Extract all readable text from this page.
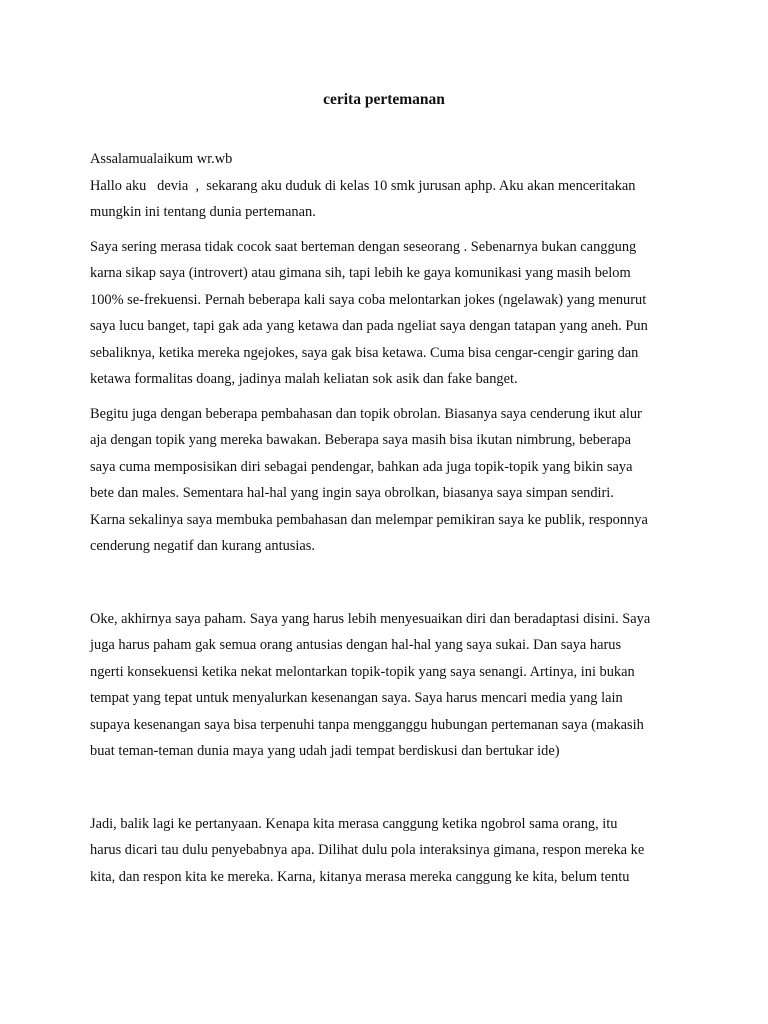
cerita pertemanan

Assalamualaikum wr.wb

Hallo aku   devia  ,  sekarang aku duduk di kelas 10 smk jurusan aphp. Aku akan menceritakan
mungkin ini tentang dunia pertemanan.

Saya sering merasa tidak cocok saat berteman dengan seseorang . Sebenarnya bukan canggung
karna sikap saya (introvert) atau gimana sih, tapi lebih ke gaya komunikasi yang masih belom
100% se-frekuensi. Pernah beberapa kali saya coba melontarkan jokes (ngelawak) yang menurut
saya lucu banget, tapi gak ada yang ketawa dan pada ngeliat saya dengan tatapan yang aneh. Pun
sebaliknya, ketika mereka ngejokes, saya gak bisa ketawa. Cuma bisa cengar-cengir garing dan
ketawa formalitas doang, jadinya malah keliatan sok asik dan fake banget.

Begitu juga dengan beberapa pembahasan dan topik obrolan. Biasanya saya cenderung ikut alur
aja dengan topik yang mereka bawakan. Beberapa saya masih bisa ikutan nimbrung, beberapa
saya cuma memposisikan diri sebagai pendengar, bahkan ada juga topik-topik yang bikin saya
bete dan males. Sementara hal-hal yang ingin saya obrolkan, biasanya saya simpan sendiri.
Karna sekalinya saya membuka pembahasan dan melempar pemikiran saya ke publik, responnya
cenderung negatif dan kurang antusias.

Oke, akhirnya saya paham. Saya yang harus lebih menyesuaikan diri dan beradaptasi disini. Saya
juga harus paham gak semua orang antusias dengan hal-hal yang saya sukai. Dan saya harus
ngerti konsekuensi ketika nekat melontarkan topik-topik yang saya senangi. Artinya, ini bukan
tempat yang tepat untuk menyalurkan kesenangan saya. Saya harus mencari media yang lain
supaya kesenangan saya bisa terpenuhi tanpa mengganggu hubungan pertemanan saya (makasih
buat teman-teman dunia maya yang udah jadi tempat berdiskusi dan bertukar ide)

Jadi, balik lagi ke pertanyaan. Kenapa kita merasa canggung ketika ngobrol sama orang, itu
harus dicari tau dulu penyebabnya apa. Dilihat dulu pola interaksinya gimana, respon mereka ke
kita, dan respon kita ke mereka. Karna, kitanya merasa mereka canggung ke kita, belum tentu
